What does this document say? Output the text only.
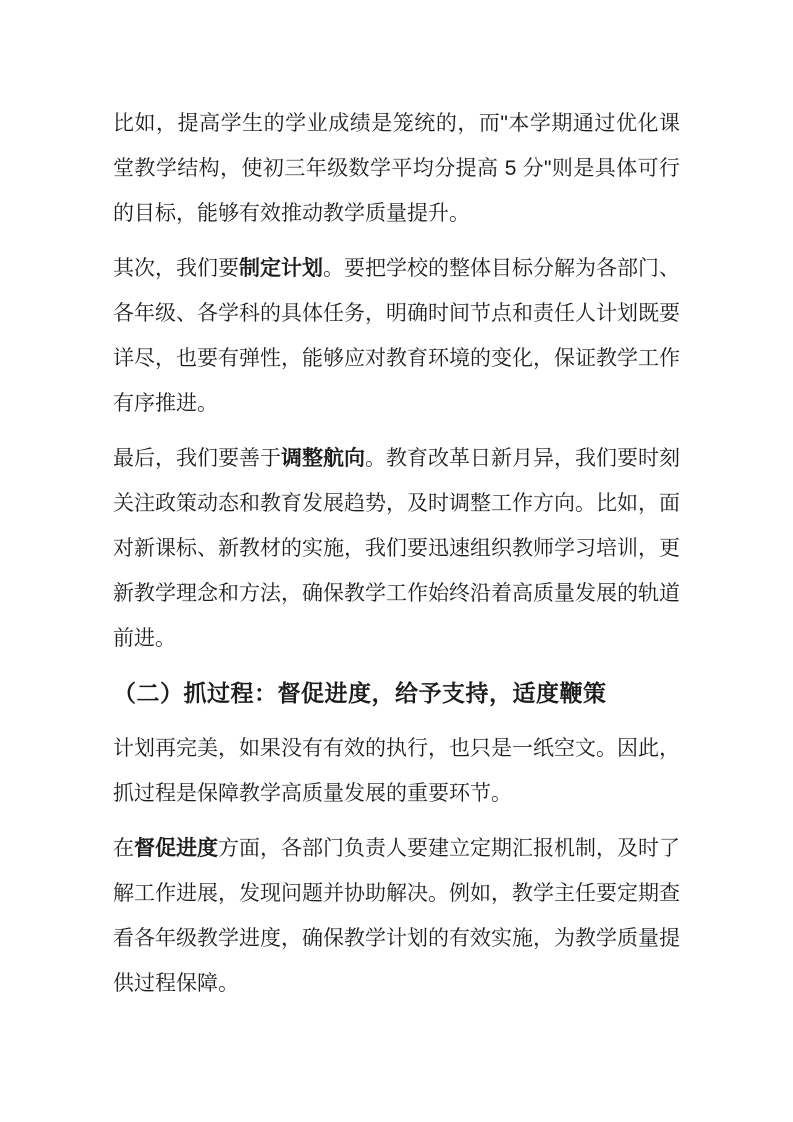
比如，提高学生的学业成绩是笼统的，而"本学期通过优化课堂教学结构，使初三年级数学平均分提高 5 分"则是具体可行的目标，能够有效推动教学质量提升。

其次，我们要制定计划。要把学校的整体目标分解为各部门、各年级、各学科的具体任务，明确时间节点和责任人计划既要详尽，也要有弹性，能够应对教育环境的变化，保证教学工作有序推进。

最后，我们要善于调整航向。教育改革日新月异，我们要时刻关注政策动态和教育发展趋势，及时调整工作方向。比如，面对新课标、新教材的实施，我们要迅速组织教师学习培训，更新教学理念和方法，确保教学工作始终沿着高质量发展的轨道前进。

（二）抓过程：督促进度，给予支持，适度鞭策

计划再完美，如果没有有效的执行，也只是一纸空文。因此，抓过程是保障教学高质量发展的重要环节。

在督促进度方面，各部门负责人要建立定期汇报机制，及时了解工作进展，发现问题并协助解决。例如，教学主任要定期查看各年级教学进度，确保教学计划的有效实施，为教学质量提供过程保障。
